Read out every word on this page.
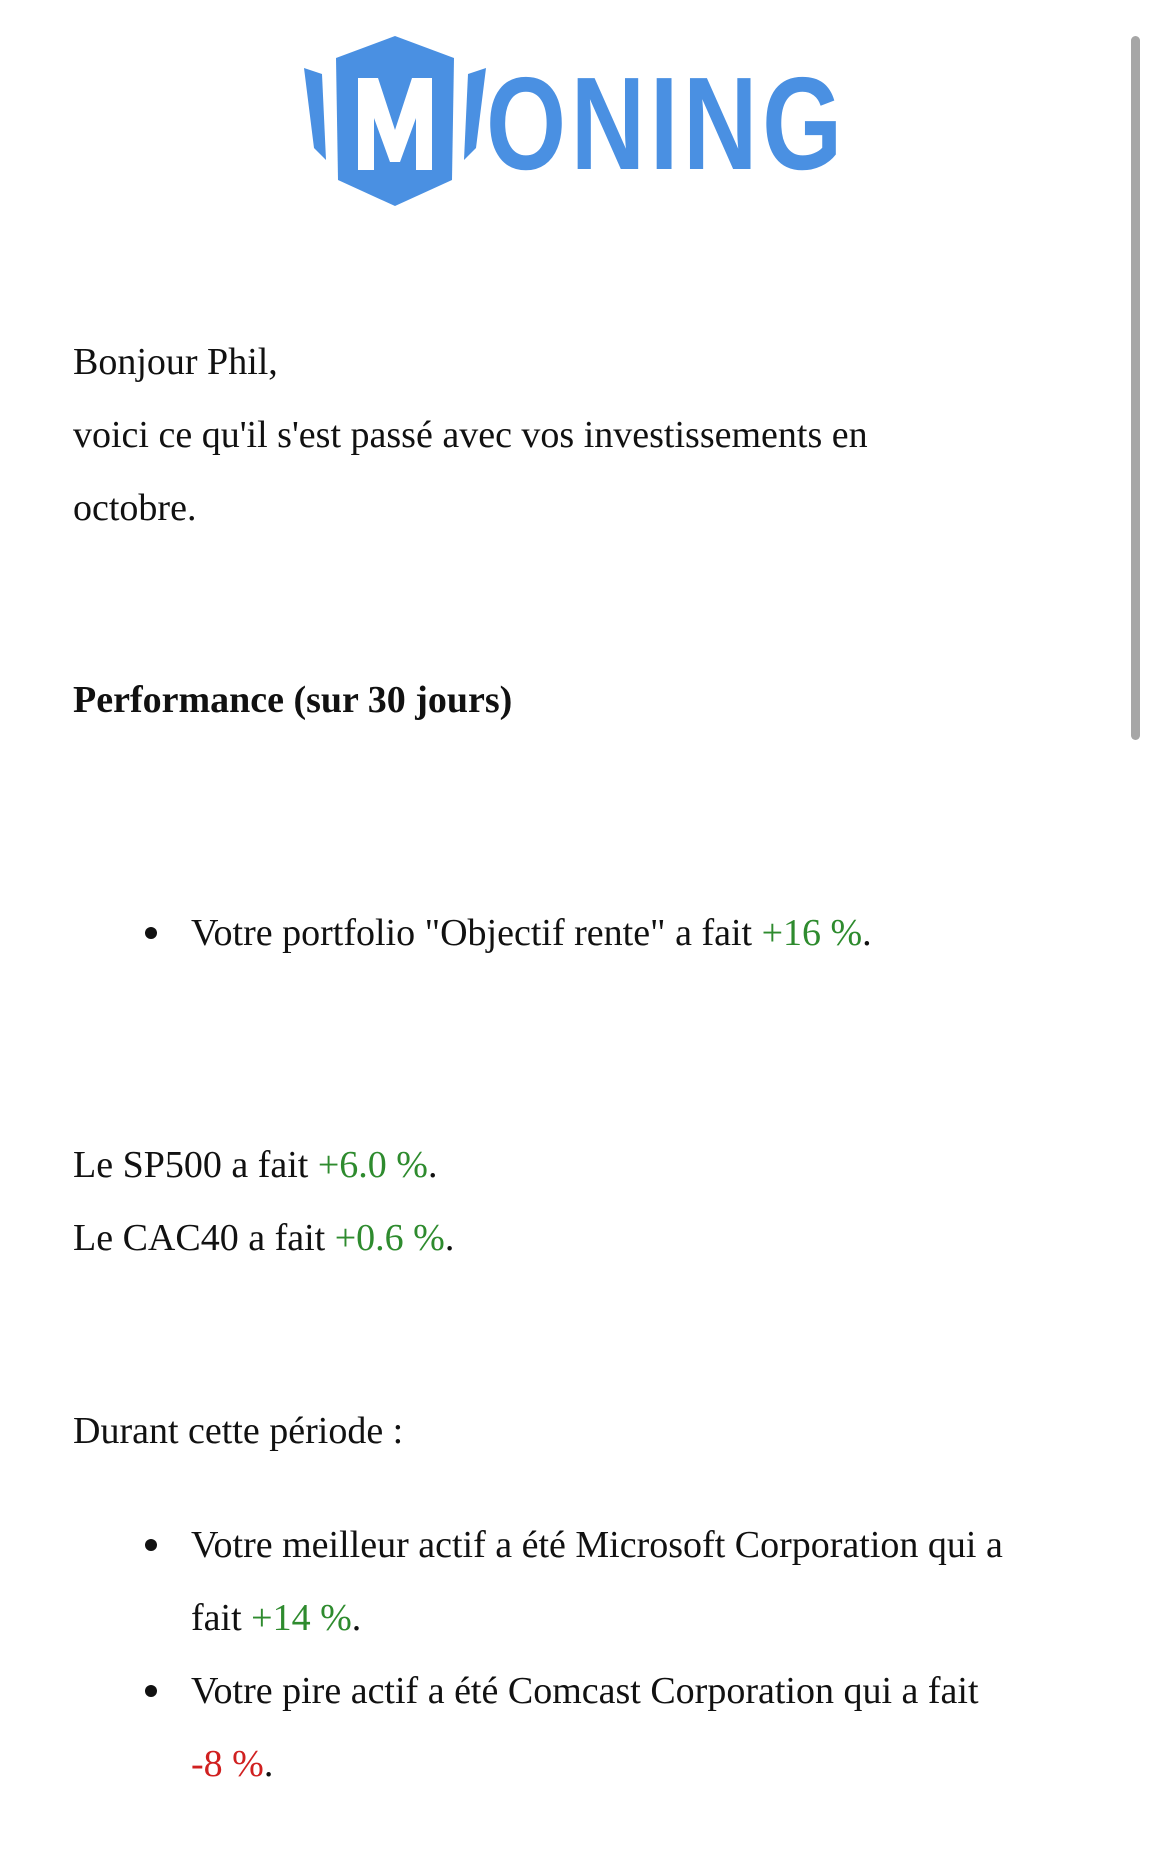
ONING
Bonjour Phil,
voici ce qu'il s'est passé avec vos investissements en
octobre.
Performance (sur 30 jours)
Votre portfolio "Objectif rente" a fait +16 %.
Le SP500 a fait +6.0 %.
Le CAC40 a fait +0.6 %.
Durant cette période :
Votre meilleur actif a été Microsoft Corporation qui a
fait +14 %.
Votre pire actif a été Comcast Corporation qui a fait
-8 %.
